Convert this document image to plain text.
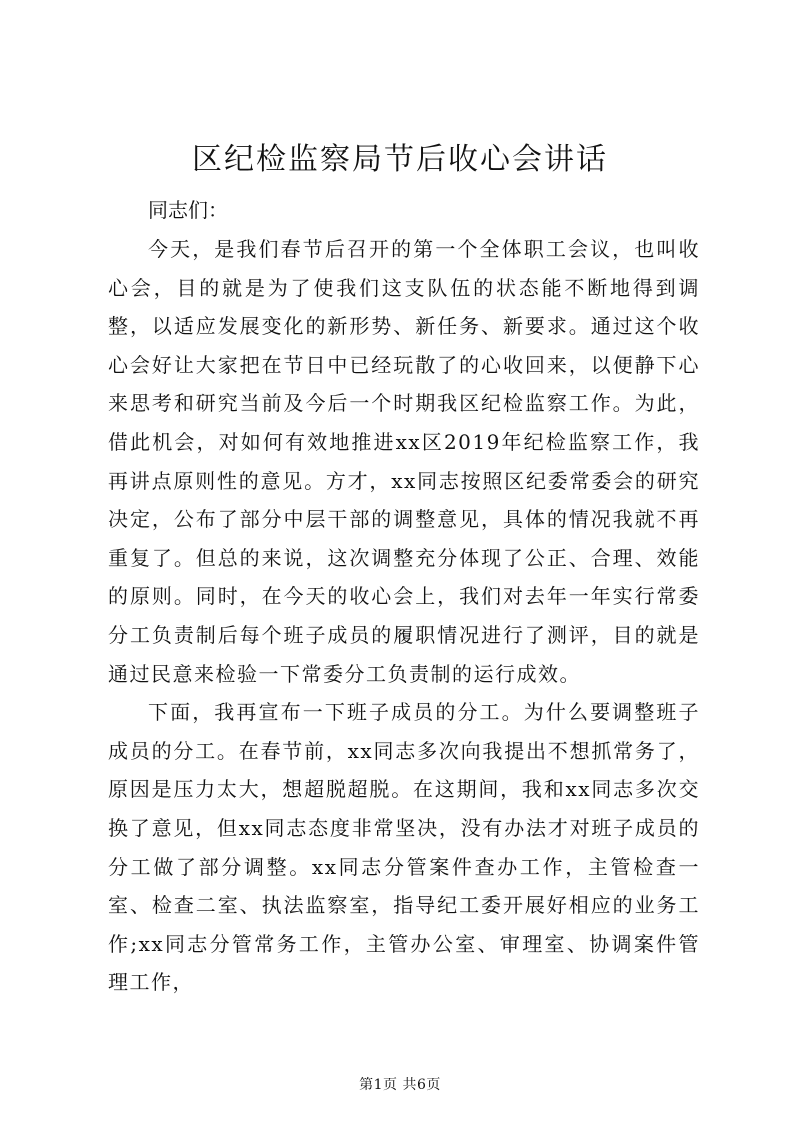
区纪检监察局节后收心会讲话

同志们：

今天，是我们春节后召开的第一个全体职工会议，也叫收心会，目的就是为了使我们这支队伍的状态能不断地得到调整，以适应发展变化的新形势、新任务、新要求。通过这个收心会好让大家把在节日中已经玩散了的心收回来，以便静下心来思考和研究当前及今后一个时期我区纪检监察工作。为此，借此机会，对如何有效地推进xx区2019年纪检监察工作，我再讲点原则性的意见。方才，xx同志按照区纪委常委会的研究决定，公布了部分中层干部的调整意见，具体的情况我就不再重复了。但总的来说，这次调整充分体现了公正、合理、效能的原则。同时，在今天的收心会上，我们对去年一年实行常委分工负责制后每个班子成员的履职情况进行了测评，目的就是通过民意来检验一下常委分工负责制的运行成效。

下面，我再宣布一下班子成员的分工。为什么要调整班子成员的分工。在春节前，xx同志多次向我提出不想抓常务了，原因是压力太大，想超脱超脱。在这期间，我和xx同志多次交换了意见，但xx同志态度非常坚决，没有办法才对班子成员的分工做了部分调整。xx同志分管案件查办工作，主管检查一室、检查二室、执法监察室，指导纪工委开展好相应的业务工作;xx同志分管常务工作，主管办公室、审理室、协调案件管理工作，

第1页 共6页
